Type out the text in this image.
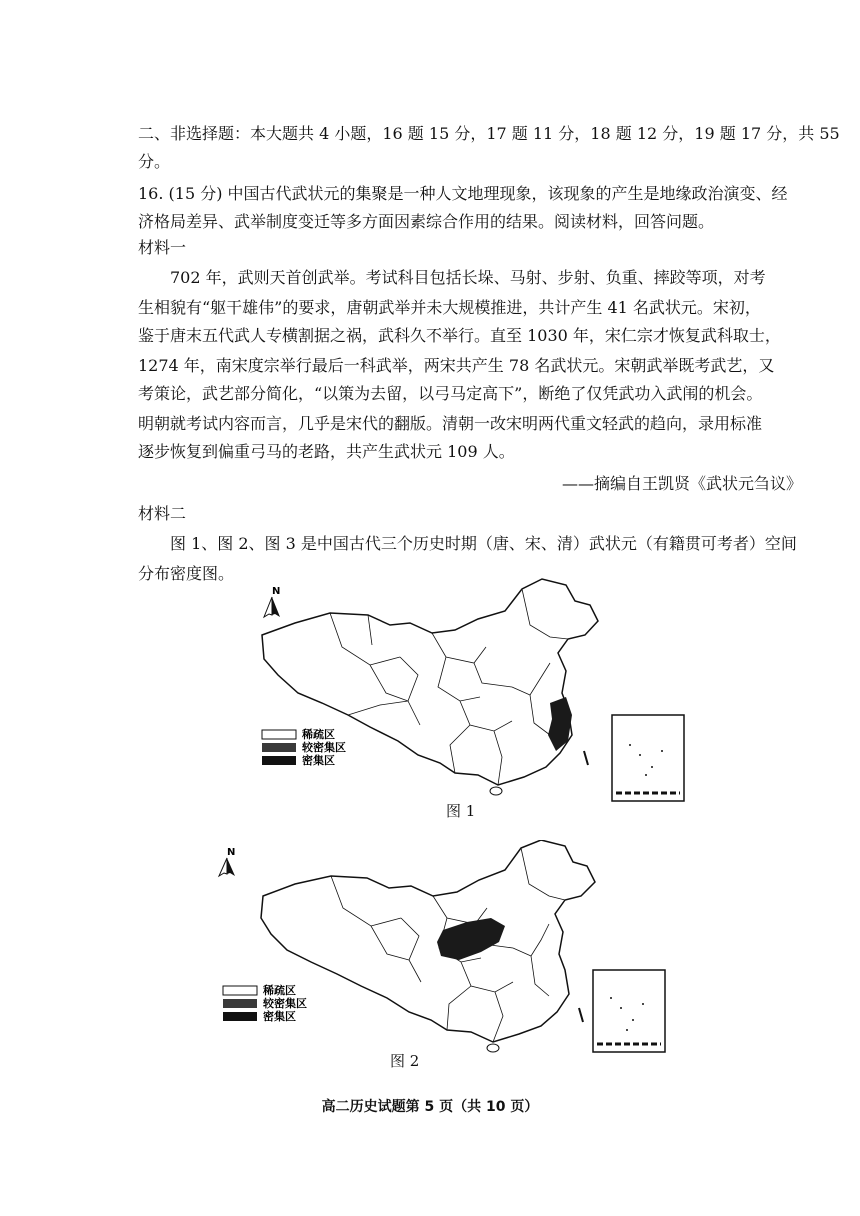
二、非选择题：本大题共 4 小题，16 题 15 分，17 题 11 分，18 题 12 分，19 题 17 分，共 55
分。
16. (15 分) 中国古代武状元的集聚是一种人文地理现象，该现象的产生是地缘政治演变、经
济格局差异、武举制度变迁等多方面因素综合作用的结果。阅读材料，回答问题。
材料一
702 年，武则天首创武举。考试科目包括长垛、马射、步射、负重、摔跤等项，对考
生相貌有“躯干雄伟”的要求，唐朝武举并未大规模推进，共计产生 41 名武状元。宋初，
鉴于唐末五代武人专横割据之祸，武科久不举行。直至 1030 年，宋仁宗才恢复武科取士，
1274 年，南宋度宗举行最后一科武举，两宋共产生 78 名武状元。宋朝武举既考武艺，又
考策论，武艺部分简化，“以策为去留，以弓马定高下”，断绝了仅凭武功入武闱的机会。
明朝就考试内容而言，几乎是宋代的翻版。清朝一改宋明两代重文轻武的趋向，录用标准
逐步恢复到偏重弓马的老路，共产生武状元 109 人。
——摘编自王凯贤《武状元刍议》
材料二
图 1、图 2、图 3 是中国古代三个历史时期（唐、宋、清）武状元（有籍贯可考者）空间
分布密度图。
N
稀疏区
较密集区
密集区
图 1
N
稀疏区
较密集区
密集区
图 2
高二历史试题第 5 页（共 10 页）
